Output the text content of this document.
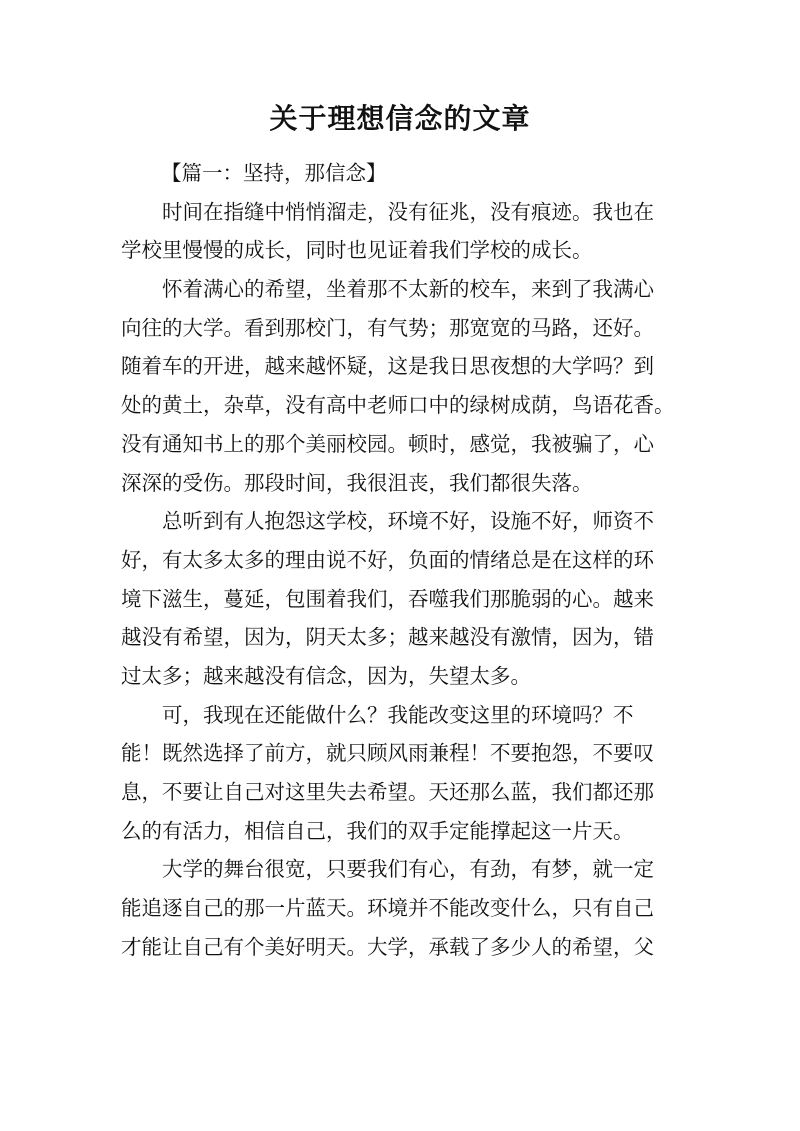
关于理想信念的文章

【篇一：坚持，那信念】

时间在指缝中悄悄溜走，没有征兆，没有痕迹。我也在
学校里慢慢的成长，同时也见证着我们学校的成长。
怀着满心的希望，坐着那不太新的校车，来到了我满心
向往的大学。看到那校门，有气势；那宽宽的马路，还好。
随着车的开进，越来越怀疑，这是我日思夜想的大学吗？到
处的黄土，杂草，没有高中老师口中的绿树成荫，鸟语花香。
没有通知书上的那个美丽校园。顿时，感觉，我被骗了，心
深深的受伤。那段时间，我很沮丧，我们都很失落。
总听到有人抱怨这学校，环境不好，设施不好，师资不
好，有太多太多的理由说不好，负面的情绪总是在这样的环
境下滋生，蔓延，包围着我们，吞噬我们那脆弱的心。越来
越没有希望，因为，阴天太多；越来越没有激情，因为，错
过太多；越来越没有信念，因为，失望太多。
可，我现在还能做什么？我能改变这里的环境吗？不
能！既然选择了前方，就只顾风雨兼程！不要抱怨，不要叹
息，不要让自己对这里失去希望。天还那么蓝，我们都还那
么的有活力，相信自己，我们的双手定能撑起这一片天。
大学的舞台很宽，只要我们有心，有劲，有梦，就一定
能追逐自己的那一片蓝天。环境并不能改变什么，只有自己
才能让自己有个美好明天。大学，承载了多少人的希望，父
